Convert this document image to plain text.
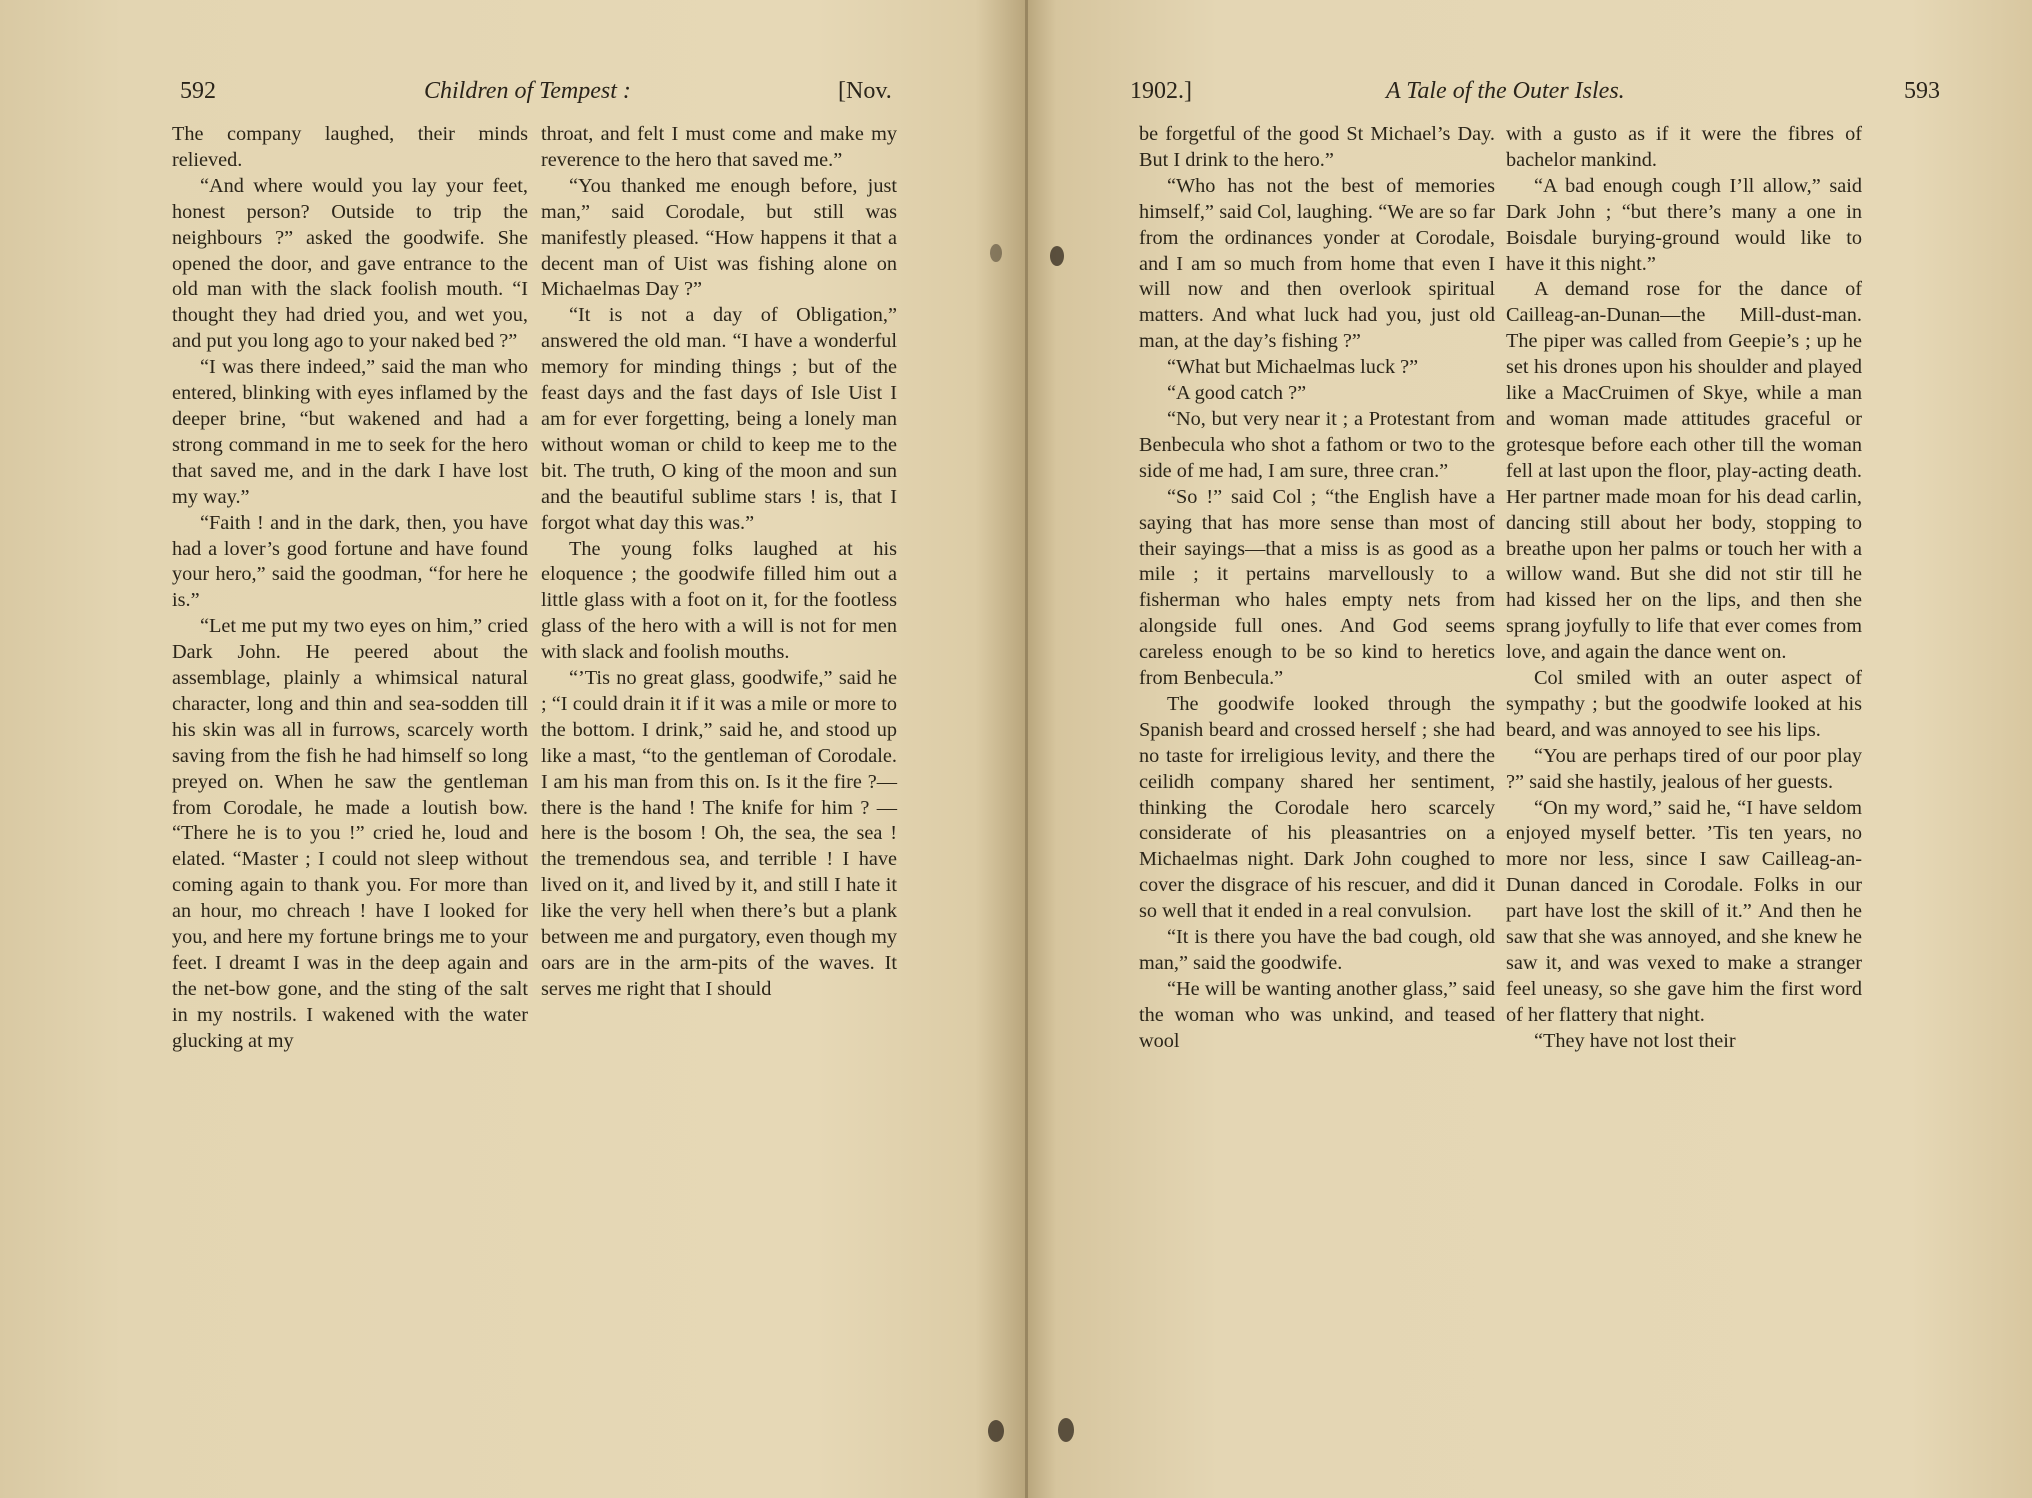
592	Children of Tempest :	[Nov.

The company laughed, their minds relieved.

“And where would you lay your feet, honest person? Outside to trip the neighbours ?” asked the goodwife. She opened the door, and gave entrance to the old man with the slack foolish mouth. “I thought they had dried you, and wet you, and put you long ago to your naked bed ?”

“I was there indeed,” said the man who entered, blinking with eyes inflamed by the deeper brine, “but wakened and had a strong command in me to seek for the hero that saved me, and in the dark I have lost my way.”

“Faith ! and in the dark, then, you have had a lover’s good fortune and have found your hero,” said the goodman, “for here he is.”

“Let me put my two eyes on him,” cried Dark John. He peered about the assemblage, plainly a whimsical natural character, long and thin and sea-sodden till his skin was all in furrows, scarcely worth saving from the fish he had himself so long preyed on. When he saw the gentleman from Corodale, he made a loutish bow. “There he is to you !” cried he, loud and elated. “Master ; I could not sleep without coming again to thank you. For more than an hour, mo chreach ! have I looked for you, and here my fortune brings me to your feet. I dreamt I was in the deep again and the net-bow gone, and the sting of the salt in my nostrils. I wakened with the water glucking at my

throat, and felt I must come and make my reverence to the hero that saved me.”

“You thanked me enough before, just man,” said Corodale, but still was manifestly pleased. “How happens it that a decent man of Uist was fishing alone on Michaelmas Day ?”

“It is not a day of Obligation,” answered the old man. “I have a wonderful memory for minding things ; but of the feast days and the fast days of Isle Uist I am for ever forgetting, being a lonely man without woman or child to keep me to the bit. The truth, O king of the moon and sun and the beautiful sublime stars ! is, that I forgot what day this was.”

The young folks laughed at his eloquence ; the goodwife filled him out a little glass with a foot on it, for the footless glass of the hero with a will is not for men with slack and foolish mouths.

“’Tis no great glass, goodwife,” said he ; “I could drain it if it was a mile or more to the bottom. I drink,” said he, and stood up like a mast, “to the gentleman of Corodale. I am his man from this on. Is it the fire ?—there is the hand ! The knife for him ? —here is the bosom ! Oh, the sea, the sea ! the tremendous sea, and terrible ! I have lived on it, and lived by it, and still I hate it like the very hell when there’s but a plank between me and purgatory, even though my oars are in the arm-pits of the waves. It serves me right that I should

1902.]	A Tale of the Outer Isles.	593

be forgetful of the good St Michael’s Day. But I drink to the hero.”

“Who has not the best of memories himself,” said Col, laughing. “We are so far from the ordinances yonder at Corodale, and I am so much from home that even I will now and then overlook spiritual matters. And what luck had you, just old man, at the day’s fishing ?”

“What but Michaelmas luck ?”

“A good catch ?”

“No, but very near it ; a Protestant from Benbecula who shot a fathom or two to the side of me had, I am sure, three cran.”

“So !” said Col ; “the English have a saying that has more sense than most of their sayings—that a miss is as good as a mile ; it pertains marvellously to a fisherman who hales empty nets from alongside full ones. And God seems careless enough to be so kind to heretics from Benbecula.”

The goodwife looked through the Spanish beard and crossed herself ; she had no taste for irreligious levity, and there the ceilidh company shared her sentiment, thinking the Corodale hero scarcely considerate of his pleasantries on a Michaelmas night. Dark John coughed to cover the disgrace of his rescuer, and did it so well that it ended in a real convulsion.

“It is there you have the bad cough, old man,” said the goodwife.

“He will be wanting another glass,” said the woman who was unkind, and teased wool

with a gusto as if it were the fibres of bachelor mankind.

“A bad enough cough I’ll allow,” said Dark John ; “but there’s many a one in Boisdale burying-ground would like to have it this night.”

A demand rose for the dance of Cailleag-an-Dunan—the Mill-dust-man. The piper was called from Geepie’s ; up he set his drones upon his shoulder and played like a MacCruimen of Skye, while a man and woman made attitudes graceful or grotesque before each other till the woman fell at last upon the floor, play-acting death. Her partner made moan for his dead carlin, dancing still about her body, stopping to breathe upon her palms or touch her with a willow wand. But she did not stir till he had kissed her on the lips, and then she sprang joyfully to life that ever comes from love, and again the dance went on.

Col smiled with an outer aspect of sympathy ; but the goodwife looked at his beard, and was annoyed to see his lips.

“You are perhaps tired of our poor play ?” said she hastily, jealous of her guests.

“On my word,” said he, “I have seldom enjoyed myself better. ’Tis ten years, no more nor less, since I saw Cailleag-an-Dunan danced in Corodale. Folks in our part have lost the skill of it.” And then he saw that she was annoyed, and she knew he saw it, and was vexed to make a stranger feel uneasy, so she gave him the first word of her flattery that night.

“They have not lost their
